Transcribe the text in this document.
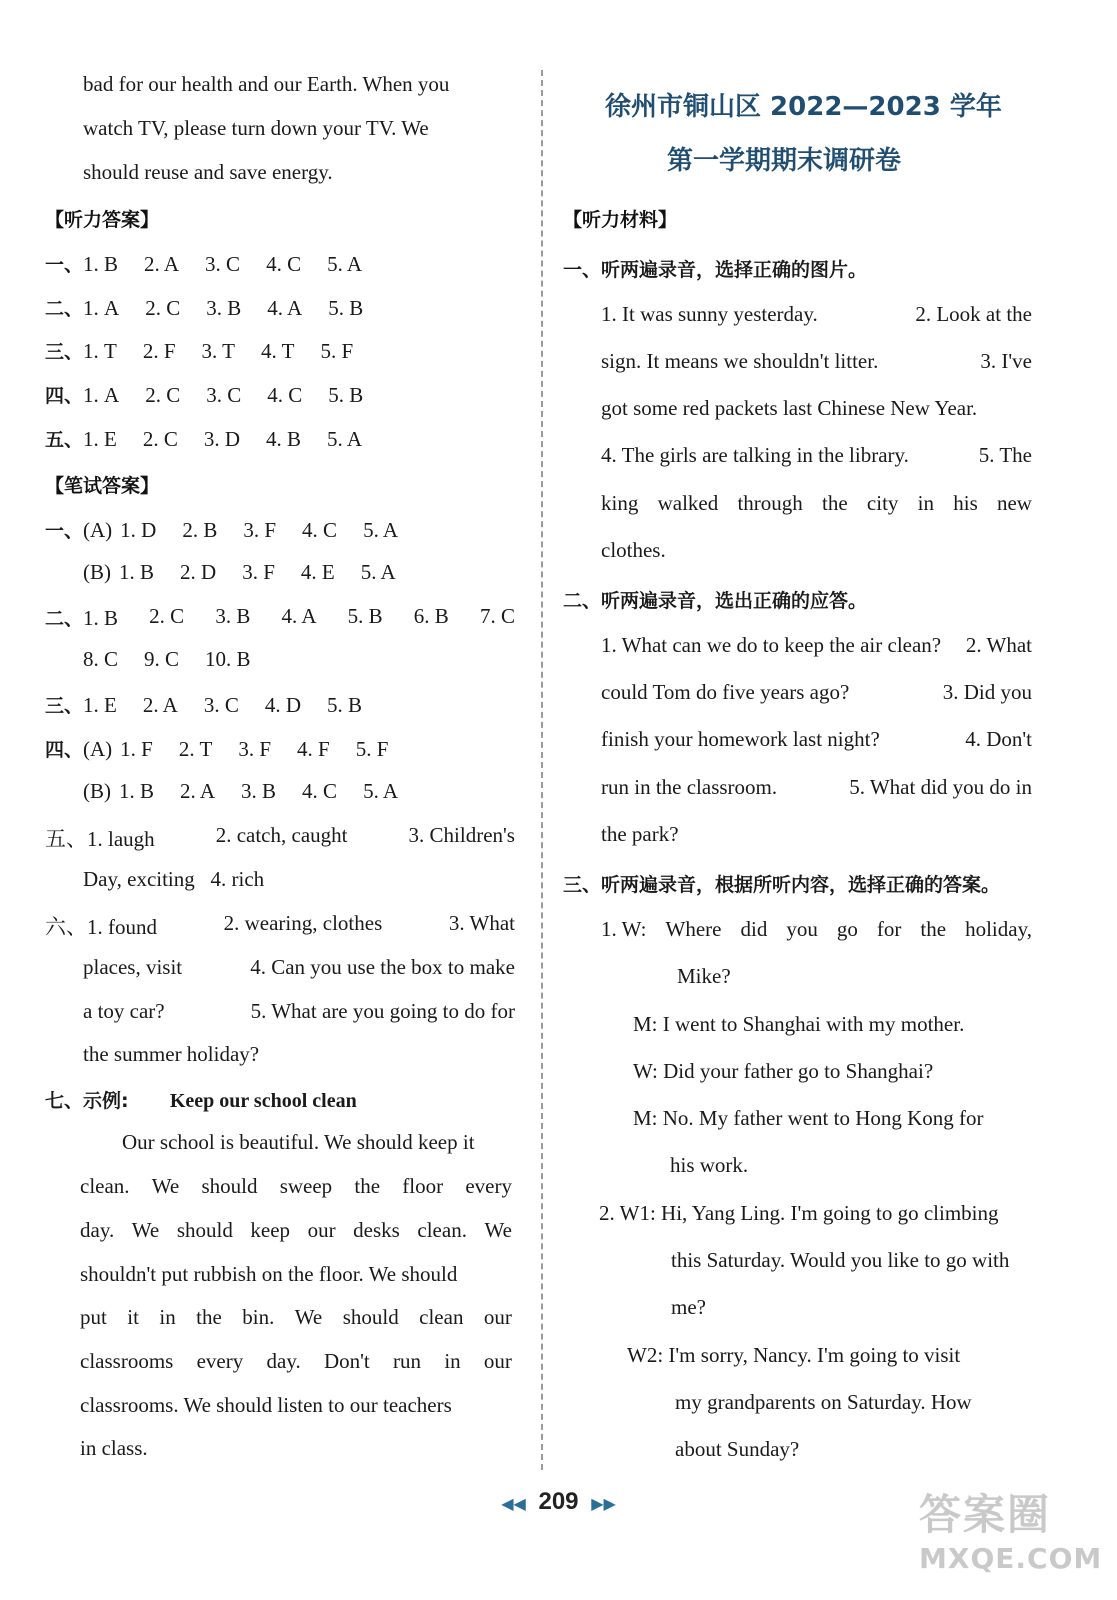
bad for our health and our Earth. When you
watch TV, please turn down your TV. We
should reuse and save energy.
【听力答案】
一、1. B 2. A 3. C 4. C 5. A
二、1. A 2. C 3. B 4. A 5. B
三、1. T 2. F 3. T 4. T 5. F
四、1. A 2. C 3. C 4. C 5. B
五、1. E 2. C 3. D 4. B 5. A
【笔试答案】
一、(A) 1. D 2. B 3. F 4. C 5. A
(B) 1. B 2. D 3. F 4. E 5. A
二、1. B 2. C 3. B 4. A 5. B 6. B 7. C
8. C 9. C 10. B
三、1. E 2. A 3. C 4. D 5. B
四、(A) 1. F 2. T 3. F 4. F 5. F
(B) 1. B 2. A 3. B 4. C 5. A
五、1. laugh	2. catch, caught	3. Children's
Day, exciting   4. rich
六、1. found	2. wearing, clothes	3. What
places, visit	4. Can you use the box to make
a toy car?	5. What are you going to do for
the summer holiday?
七、示例: Keep our school clean
Our school is beautiful. We should keep it
clean. We should sweep the floor every
day. We should keep our desks clean. We
shouldn't put rubbish on the floor. We should
put it in the bin. We should clean our
classrooms every day. Don't run in our
classrooms. We should listen to our teachers
in class.
徐州市铜山区 2022—2023 学年
第一学期期末调研卷
【听力材料】
一、听两遍录音，选择正确的图片。
1. It was sunny yesterday.	2. Look at the
sign. It means we shouldn't litter.	3. I've
got some red packets last Chinese New Year.
4. The girls are talking in the library.	5. The
king walked through the city in his new
clothes.
二、听两遍录音，选出正确的应答。
1. What can we do to keep the air clean? 2. What
could Tom do five years ago?	3. Did you
finish your homework last night?	4. Don't
run in the classroom.	5. What did you do in
the park?
三、听两遍录音，根据所听内容，选择正确的答案。
1. W: Where did you go for the holiday,
Mike?
M: I went to Shanghai with my mother.
W: Did your father go to Shanghai?
M: No. My father went to Hong Kong for
his work.
2. W1: Hi, Yang Ling. I'm going to go climbing
this Saturday. Would you like to go with
me?
W2: I'm sorry, Nancy. I'm going to visit
my grandparents on Saturday. How
about Sunday?
◀◀ 209 ▶▶	答案圈
MXQE.COM
